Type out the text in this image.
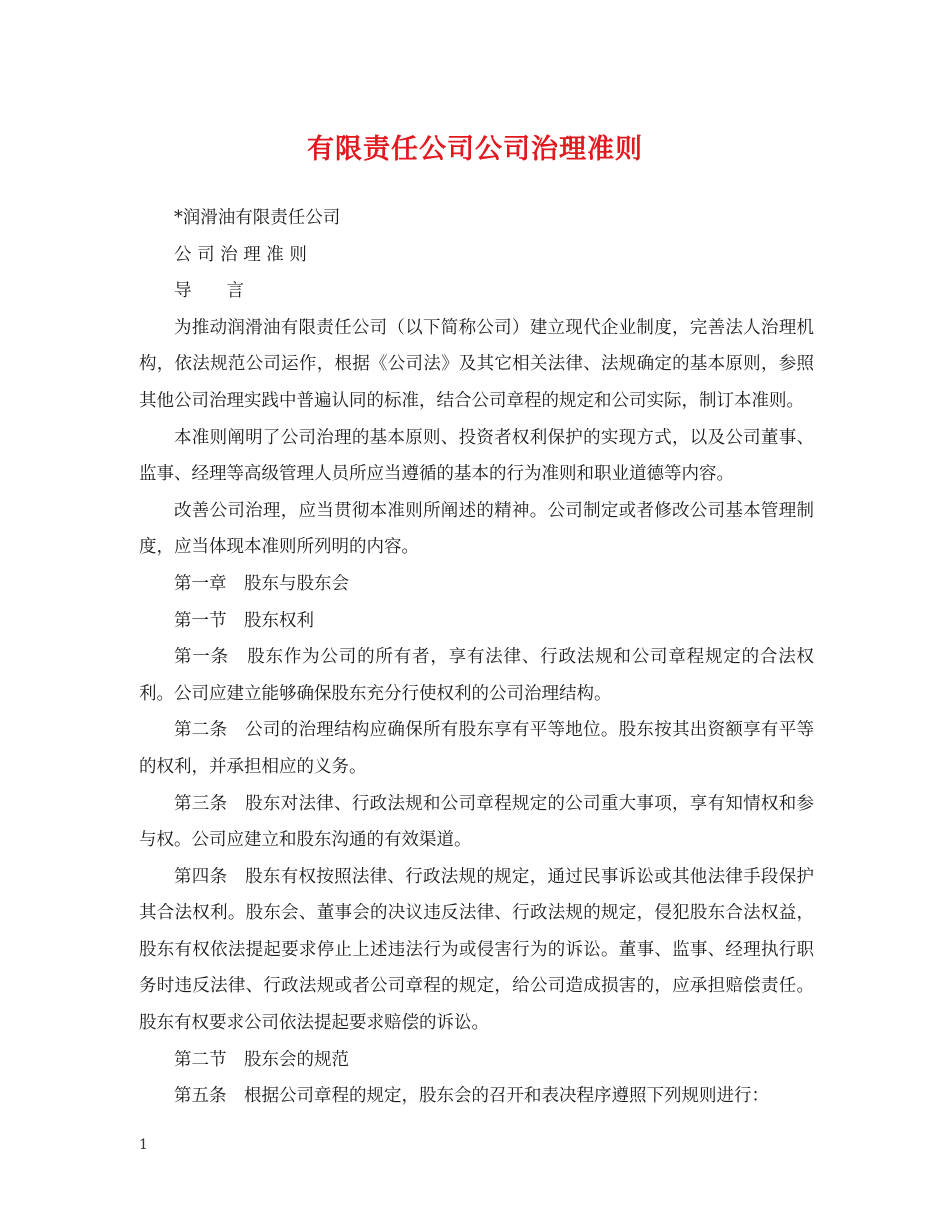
有限责任公司公司治理准则

*润滑油有限责任公司

公 司 治 理 准 则

导　　言

为推动润滑油有限责任公司（以下简称公司）建立现代企业制度，完善法人治理机构，依法规范公司运作，根据《公司法》及其它相关法律、法规确定的基本原则，参照其他公司治理实践中普遍认同的标准，结合公司章程的规定和公司实际，制订本准则。

本准则阐明了公司治理的基本原则、投资者权利保护的实现方式，以及公司董事、监事、经理等高级管理人员所应当遵循的基本的行为准则和职业道德等内容。

改善公司治理，应当贯彻本准则所阐述的精神。公司制定或者修改公司基本管理制度，应当体现本准则所列明的内容。

第一章　股东与股东会

第一节　股东权利

第一条　股东作为公司的所有者，享有法律、行政法规和公司章程规定的合法权利。公司应建立能够确保股东充分行使权利的公司治理结构。

第二条　公司的治理结构应确保所有股东享有平等地位。股东按其出资额享有平等的权利，并承担相应的义务。

第三条　股东对法律、行政法规和公司章程规定的公司重大事项，享有知情权和参与权。公司应建立和股东沟通的有效渠道。

第四条　股东有权按照法律、行政法规的规定，通过民事诉讼或其他法律手段保护其合法权利。股东会、董事会的决议违反法律、行政法规的规定，侵犯股东合法权益，股东有权依法提起要求停止上述违法行为或侵害行为的诉讼。董事、监事、经理执行职务时违反法律、行政法规或者公司章程的规定，给公司造成损害的，应承担赔偿责任。股东有权要求公司依法提起要求赔偿的诉讼。

第二节　股东会的规范

第五条　根据公司章程的规定，股东会的召开和表决程序遵照下列规则进行：

1
